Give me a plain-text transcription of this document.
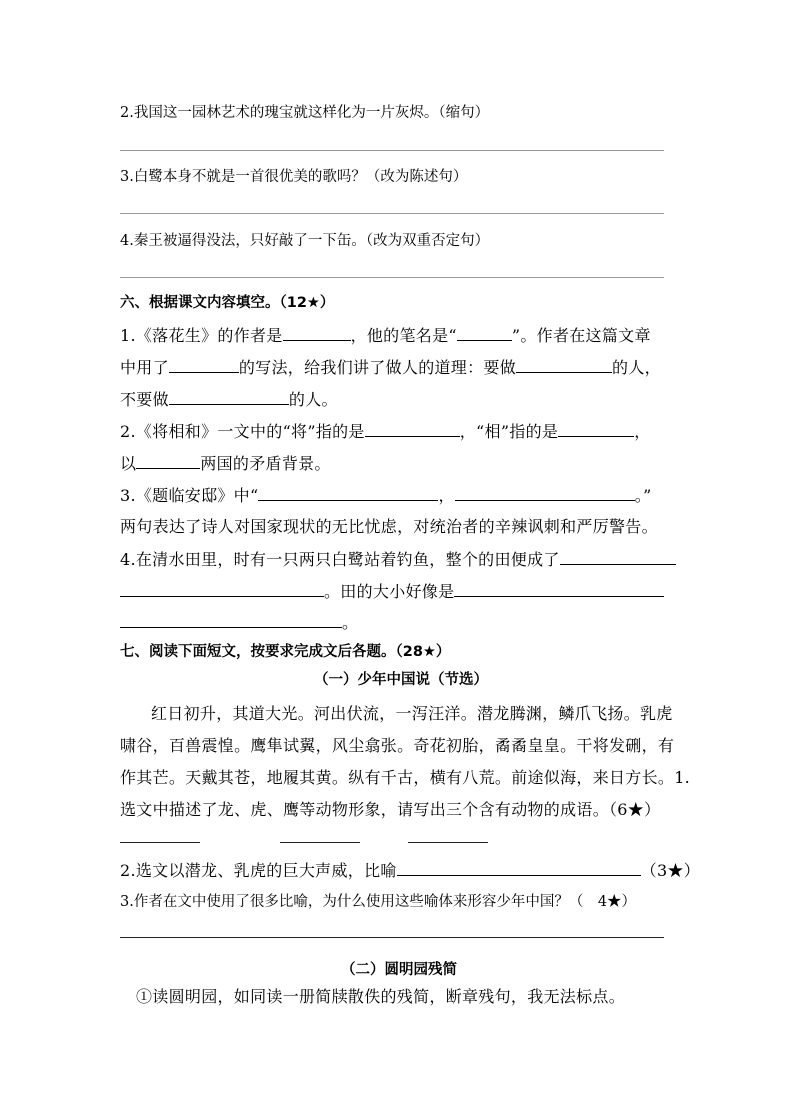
2.我国这一园林艺术的瑰宝就这样化为一片灰烬。（缩句）
3.白鹭本身不就是一首很优美的歌吗？（改为陈述句）
4.秦王被逼得没法，只好敲了一下缶。（改为双重否定句）
六、根据课文内容填空。（12★）
1.《落花生》的作者是	，他的笔名是“	”。作者在这篇文章
中用了	的写法，给我们讲了做人的道理：要做	的人，
不要做	的人。
2.《将相和》一文中的“将”指的是	，“相”指的是	，
以	两国的矛盾背景。
3.《题临安邸》中“	，	。”
两句表达了诗人对国家现状的无比忧虑，对统治者的辛辣讽刺和严厉警告。
4.在清水田里，时有一只两只白鹭站着钓鱼，整个的田便成了
。田的大小好像是
。
七、阅读下面短文，按要求完成文后各题。（28★）
（一）少年中国说（节选）
红日初升，其道大光。河出伏流，一泻汪洋。潜龙腾渊，鳞爪飞扬。乳虎
啸谷，百兽震惶。鹰隼试翼，风尘翕张。奇花初胎，矞矞皇皇。干将发硎，有
作其芒。天戴其苍，地履其黄。纵有千古，横有八荒。前途似海，来日方长。1.
选文中描述了龙、虎、鹰等动物形象，请写出三个含有动物的成语。（6★）
2.选文以潜龙、乳虎的巨大声威，比喻	（3★）
3.作者在文中使用了很多比喻，为什么使用这些喻体来形容少年中国？（　4★）
（二）圆明园残简
①读圆明园，如同读一册简牍散佚的残简，断章残句，我无法标点。
